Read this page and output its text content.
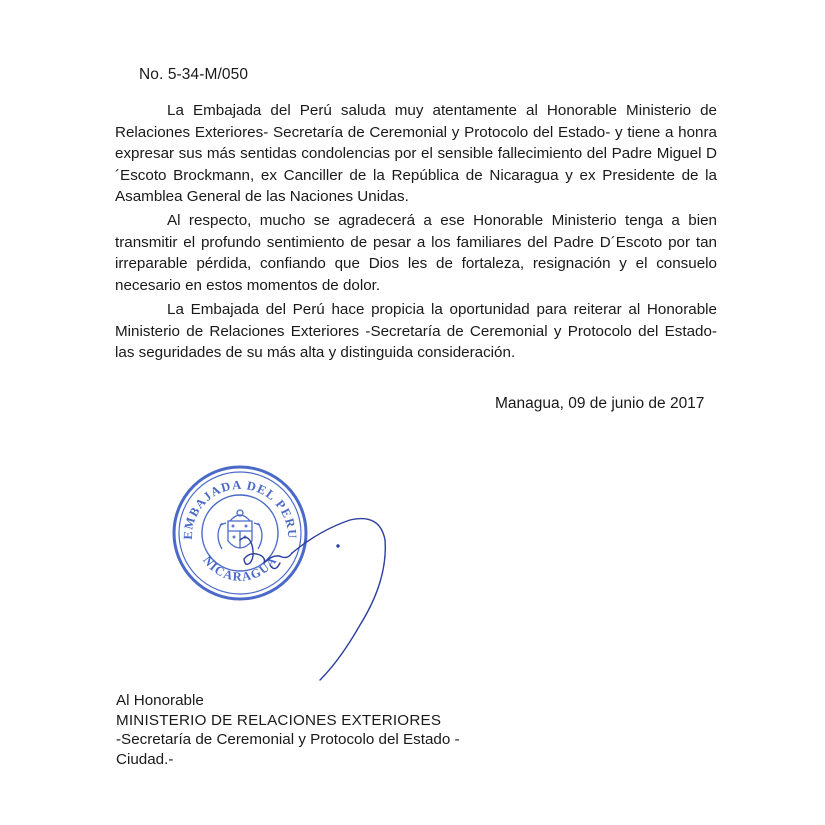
No. 5-34-M/050

La Embajada del Perú saluda muy atentamente al Honorable Ministerio de Relaciones Exteriores- Secretaría de Ceremonial y Protocolo del Estado- y tiene a honra expresar sus más sentidas condolencias por el sensible fallecimiento del Padre Miguel D´Escoto Brockmann, ex Canciller de la República de Nicaragua y ex Presidente de la Asamblea General de las Naciones Unidas.

Al respecto, mucho se agradecerá a ese Honorable Ministerio tenga a bien transmitir el profundo sentimiento de pesar a los familiares del Padre D´Escoto por tan irreparable pérdida, confiando que Dios les de fortaleza, resignación y el consuelo necesario en estos momentos de dolor.

La Embajada del Perú hace propicia la oportunidad para reiterar al Honorable Ministerio de Relaciones Exteriores -Secretaría de Ceremonial y Protocolo del Estado- las seguridades de su más alta y distinguida consideración.

Managua, 09 de junio de 2017
EMBAJADA DEL PERU
NICARAGUA
Al Honorable
MINISTERIO DE RELACIONES EXTERIORES
-Secretaría de Ceremonial y Protocolo del Estado -
Ciudad.-
